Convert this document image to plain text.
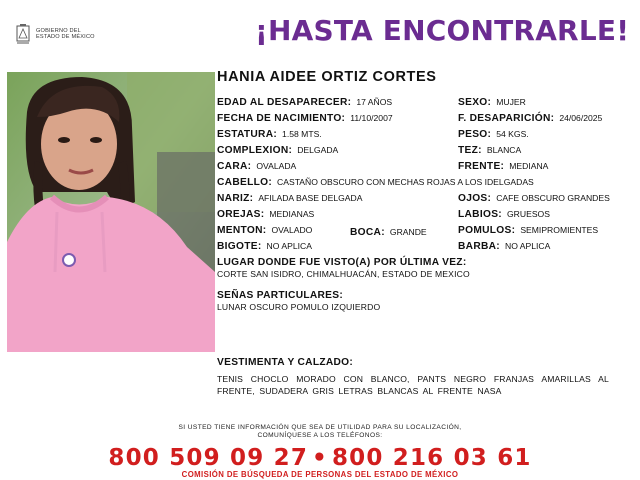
GOBIERNO DEL
ESTADO DE MÉXICO	¡HASTA ENCONTRARLE!
HANIA AIDEE ORTIZ CORTES
EDAD AL DESAPARECER: 17 AÑOS
FECHA DE NACIMIENTO: 11/10/2007
ESTATURA: 1.58 MTS.
COMPLEXION: DELGADA
CARA: OVALADA
CABELLO: CASTAÑO OBSCURO CON MECHAS ROJAS A LOS IDELGADAS
NARIZ: AFILADA BASE DELGADA
OREJAS: MEDIANAS
MENTON: OVALADO	BOCA: GRANDE
BIGOTE: NO APLICA
SEXO: MUJER
F. DESAPARICIÓN: 24/06/2025
PESO: 54 KGS.
TEZ: BLANCA
FRENTE: MEDIANA
OJOS: CAFE OBSCURO GRANDES
LABIOS: GRUESOS
POMULOS: SEMIPROMIENTES
BARBA: NO APLICA
LUGAR DONDE FUE VISTO(A) POR ÚLTIMA VEZ:
CORTE SAN ISIDRO, CHIMALHUACÁN, ESTADO DE MEXICO
SEÑAS PARTICULARES:
LUNAR OSCURO POMULO IZQUIERDO
VESTIMENTA Y CALZADO:
TENIS CHOCLO MORADO CON BLANCO, PANTS NEGRO FRANJAS AMARILLAS AL FRENTE, SUDADERA GRIS LETRAS BLANCAS AL FRENTE NASA
SI USTED TIENE INFORMACIÓN QUE SEA DE UTILIDAD PARA SU LOCALIZACIÓN,
COMUNÍQUESE A LOS TELÉFONOS:
800 509 09 27 • 800 216 03 61
COMISIÓN DE BÚSQUEDA DE PERSONAS DEL ESTADO DE MÉXICO
